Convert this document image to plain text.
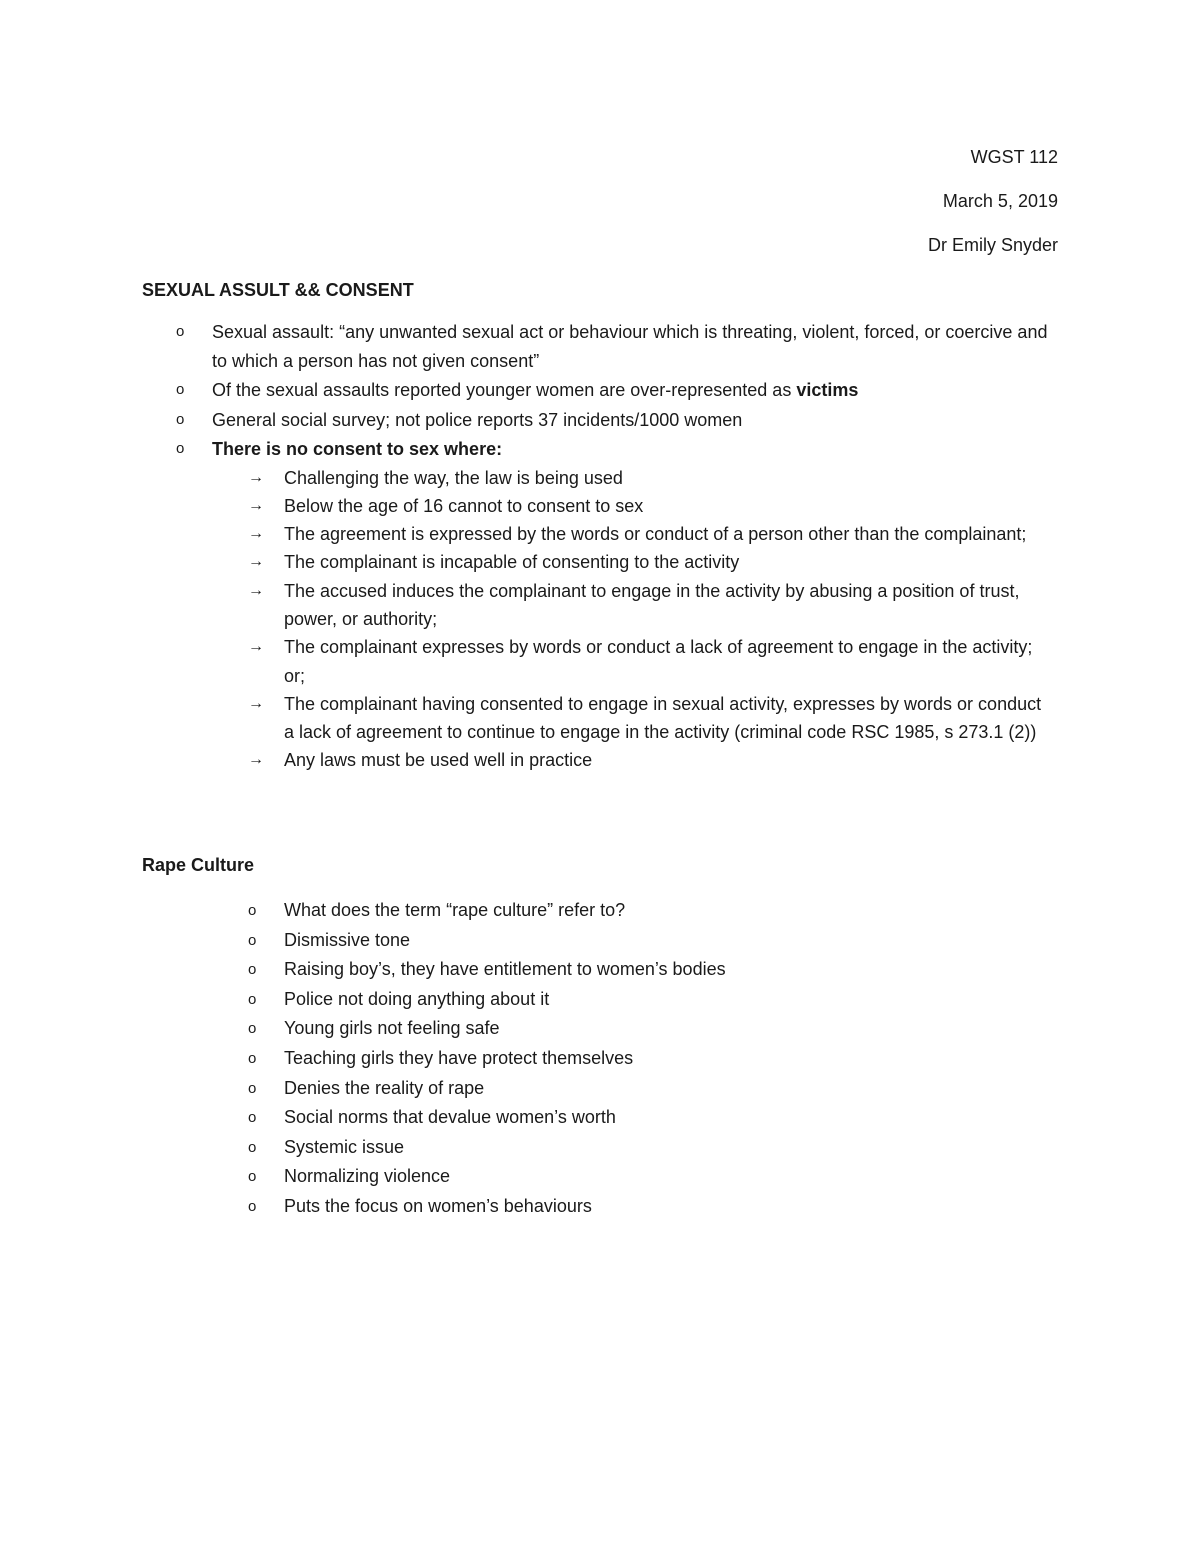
WGST 112
March 5, 2019
Dr Emily Snyder
SEXUAL ASSULT && CONSENT
o Sexual assault: “any unwanted sexual act or behaviour which is threating, violent, forced, or coercive and to which a person has not given consent”
o Of the sexual assaults reported younger women are over-represented as victims
o General social survey; not police reports 37 incidents/1000 women
o There is no consent to sex where:
→ Challenging the way, the law is being used
→ Below the age of 16 cannot to consent to sex
→ The agreement is expressed by the words or conduct of a person other than the complainant;
→ The complainant is incapable of consenting to the activity
→ The accused induces the complainant to engage in the activity by abusing a position of trust, power, or authority;
→ The complainant expresses by words or conduct a lack of agreement to engage in the activity; or;
→ The complainant having consented to engage in sexual activity, expresses by words or conduct a lack of agreement to continue to engage in the activity (criminal code RSC 1985, s 273.1 (2))
→ Any laws must be used well in practice
Rape Culture
o What does the term “rape culture” refer to?
o Dismissive tone
o Raising boy’s, they have entitlement to women’s bodies
o Police not doing anything about it
o Young girls not feeling safe
o Teaching girls they have protect themselves
o Denies the reality of rape
o Social norms that devalue women’s worth
o Systemic issue
o Normalizing violence
o Puts the focus on women’s behaviours
